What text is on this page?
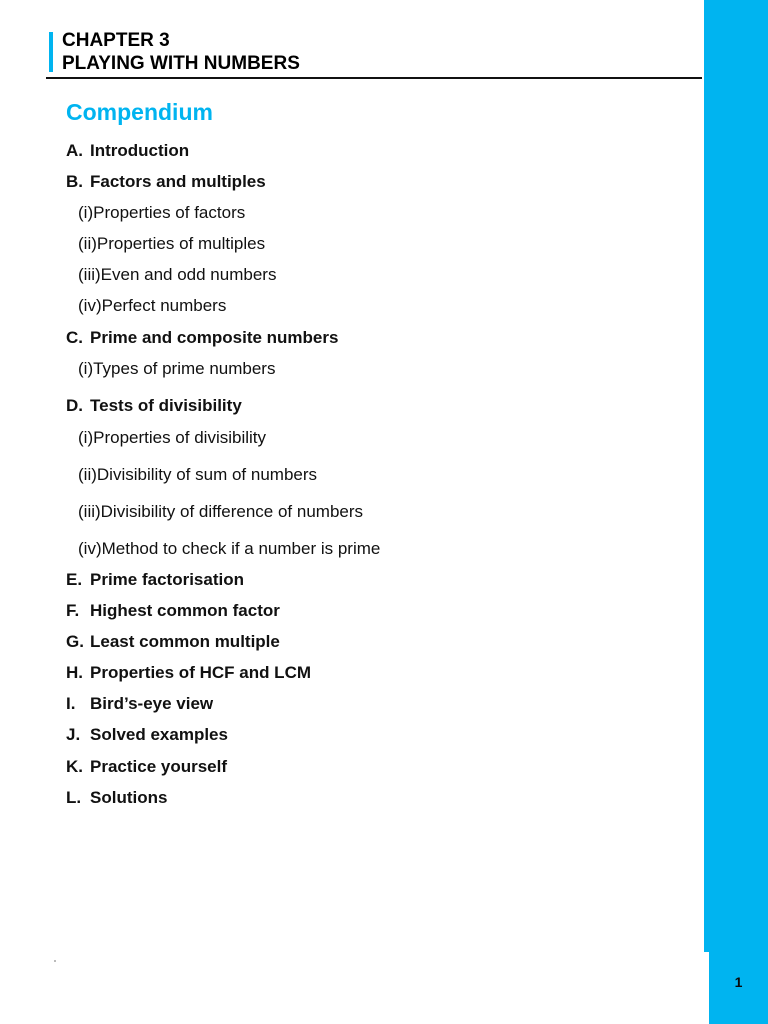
1
CHAPTER 3
PLAYING WITH NUMBERS
Compendium
A. Introduction
B. Factors and multiples
(i)Properties of factors
(ii)Properties of multiples
(iii)Even and odd numbers
(iv)Perfect numbers
C. Prime and composite numbers
(i)Types of prime numbers
D. Tests of divisibility
(i)Properties of divisibility
(ii)Divisibility of sum of numbers
(iii)Divisibility of difference of numbers
(iv)Method to check if a number is prime
E. Prime factorisation
F. Highest common factor
G. Least common multiple
H. Properties of HCF and LCM
I. Bird’s-eye view
J. Solved examples
K. Practice yourself
L. Solutions
